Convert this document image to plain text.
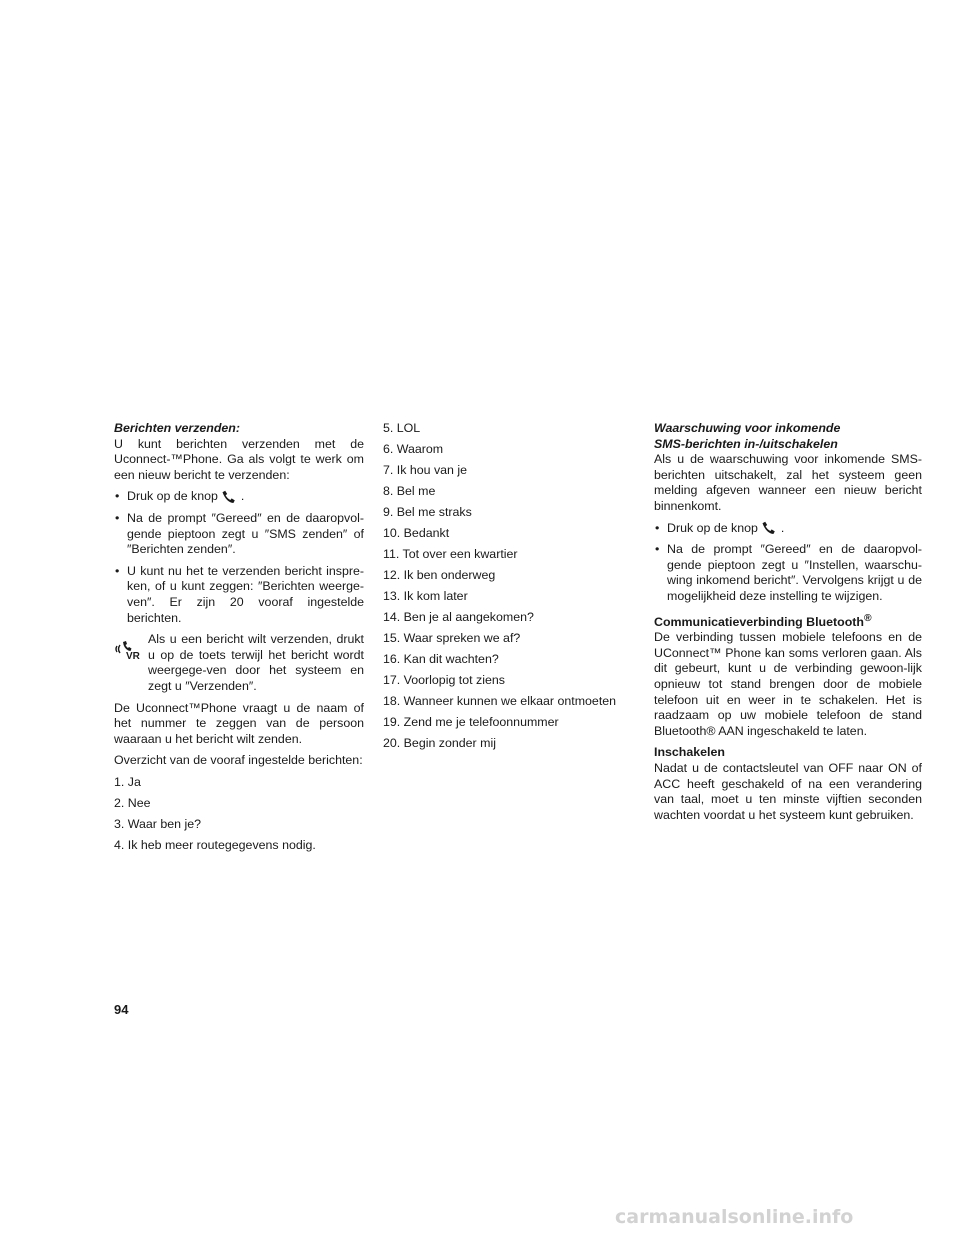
Berichten verzenden:

U kunt berichten verzenden met de Uconnect-™Phone. Ga als volgt te werk om een nieuw bericht te verzenden:

• Druk op de knop .
• Na de prompt ″Gereed″ en de daaropvol-gende pieptoon zegt u ″SMS zenden″ of ″Berichten zenden″.
• U kunt nu het te verzenden bericht inspre-ken, of u kunt zeggen: ″Berichten weerge-ven″. Er zijn 20 vooraf ingestelde berichten.

VR
Als u een bericht wilt verzenden, drukt u op de toets terwijl het bericht wordt weergege-ven door het systeem en zegt u ″Verzenden″.

De Uconnect™Phone vraagt u de naam of het nummer te zeggen van de persoon waaraan u het bericht wilt zenden.

Overzicht van de vooraf ingestelde berichten:

1. Ja
2. Nee
3. Waar ben je?
4. Ik heb meer routegegevens nodig.
5. LOL
6. Waarom
7. Ik hou van je
8. Bel me
9. Bel me straks
10. Bedankt
11. Tot over een kwartier
12. Ik ben onderweg
13. Ik kom later
14. Ben je al aangekomen?
15. Waar spreken we af?
16. Kan dit wachten?
17. Voorlopig tot ziens
18. Wanneer kunnen we elkaar ontmoeten
19. Zend me je telefoonnummer
20. Begin zonder mij

Waarschuwing voor inkomende
SMS-berichten in-/uitschakelen

Als u de waarschuwing voor inkomende SMS-berichten uitschakelt, zal het systeem geen melding afgeven wanneer een nieuw bericht binnenkomt.

• Druk op de knop .
• Na de prompt ″Gereed″ en de daaropvol-gende pieptoon zegt u ″Instellen, waarschu-wing inkomend bericht″. Vervolgens krijgt u de mogelijkheid deze instelling te wijzigen.

Communicatieverbinding Bluetooth®

De verbinding tussen mobiele telefoons en de UConnect™ Phone kan soms verloren gaan. Als dit gebeurt, kunt u de verbinding gewoon-lijk opnieuw tot stand brengen door de mobiele telefoon uit en weer in te schakelen. Het is raadzaam op uw mobiele telefoon de stand Bluetooth® AAN ingeschakeld te laten.

Inschakelen

Nadat u de contactsleutel van OFF naar ON of ACC heeft geschakeld of na een verandering van taal, moet u ten minste vijftien seconden wachten voordat u het systeem kunt gebruiken.

94
carmanualsonline.info
